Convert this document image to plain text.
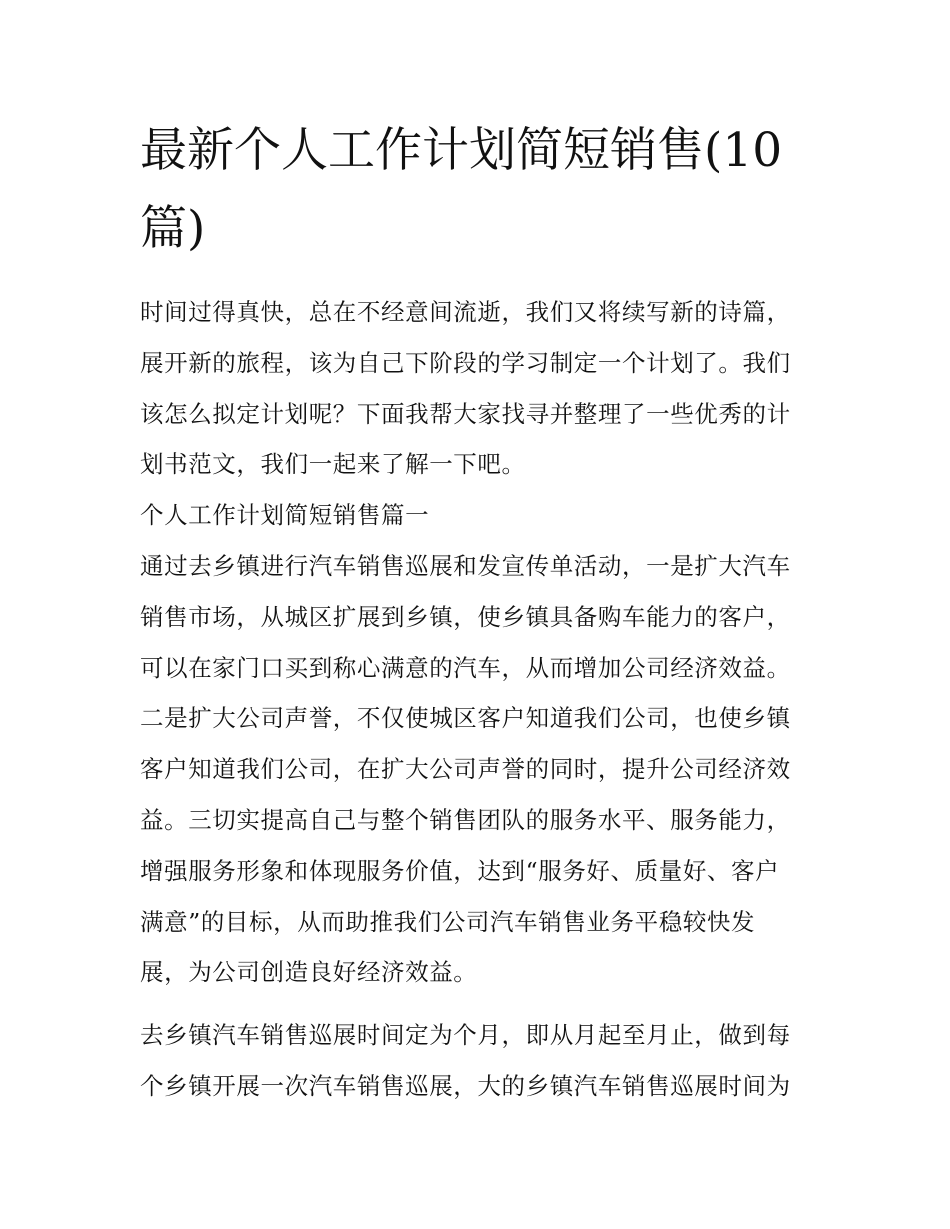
最新个人工作计划简短销售(10
篇)

时间过得真快，总在不经意间流逝，我们又将续写新的诗篇，
展开新的旅程，该为自己下阶段的学习制定一个计划了。我们
该怎么拟定计划呢？下面我帮大家找寻并整理了一些优秀的计
划书范文，我们一起来了解一下吧。

个人工作计划简短销售篇一

通过去乡镇进行汽车销售巡展和发宣传单活动，一是扩大汽车
销售市场，从城区扩展到乡镇，使乡镇具备购车能力的客户，
可以在家门口买到称心满意的汽车，从而增加公司经济效益。
二是扩大公司声誉，不仅使城区客户知道我们公司，也使乡镇
客户知道我们公司，在扩大公司声誉的同时，提升公司经济效
益。三切实提高自己与整个销售团队的服务水平、服务能力，
增强服务形象和体现服务价值，达到“服务好、质量好、客户
满意”的目标，从而助推我们公司汽车销售业务平稳较快发
展，为公司创造良好经济效益。

去乡镇汽车销售巡展时间定为个月，即从月起至月止，做到每
个乡镇开展一次汽车销售巡展，大的乡镇汽车销售巡展时间为
